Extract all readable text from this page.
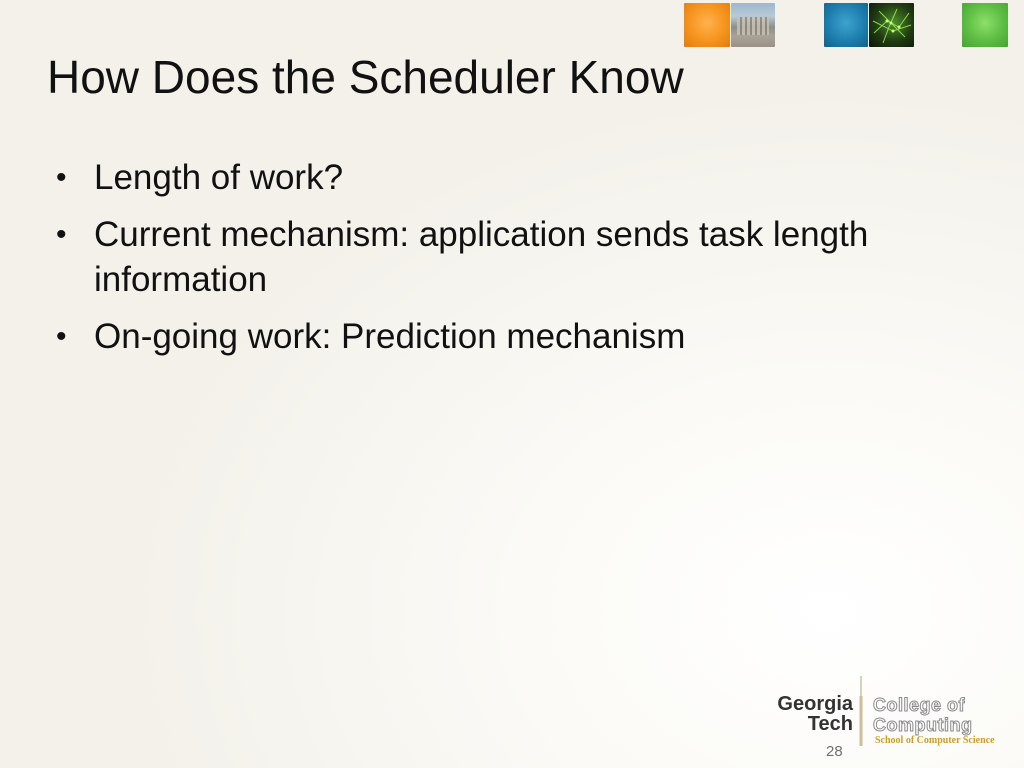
How Does the Scheduler Know
• Length of work?
• Current mechanism: application sends task length information
• On-going work: Prediction mechanism
Georgia
Tech
College of
Computing
School of Computer Science
28
